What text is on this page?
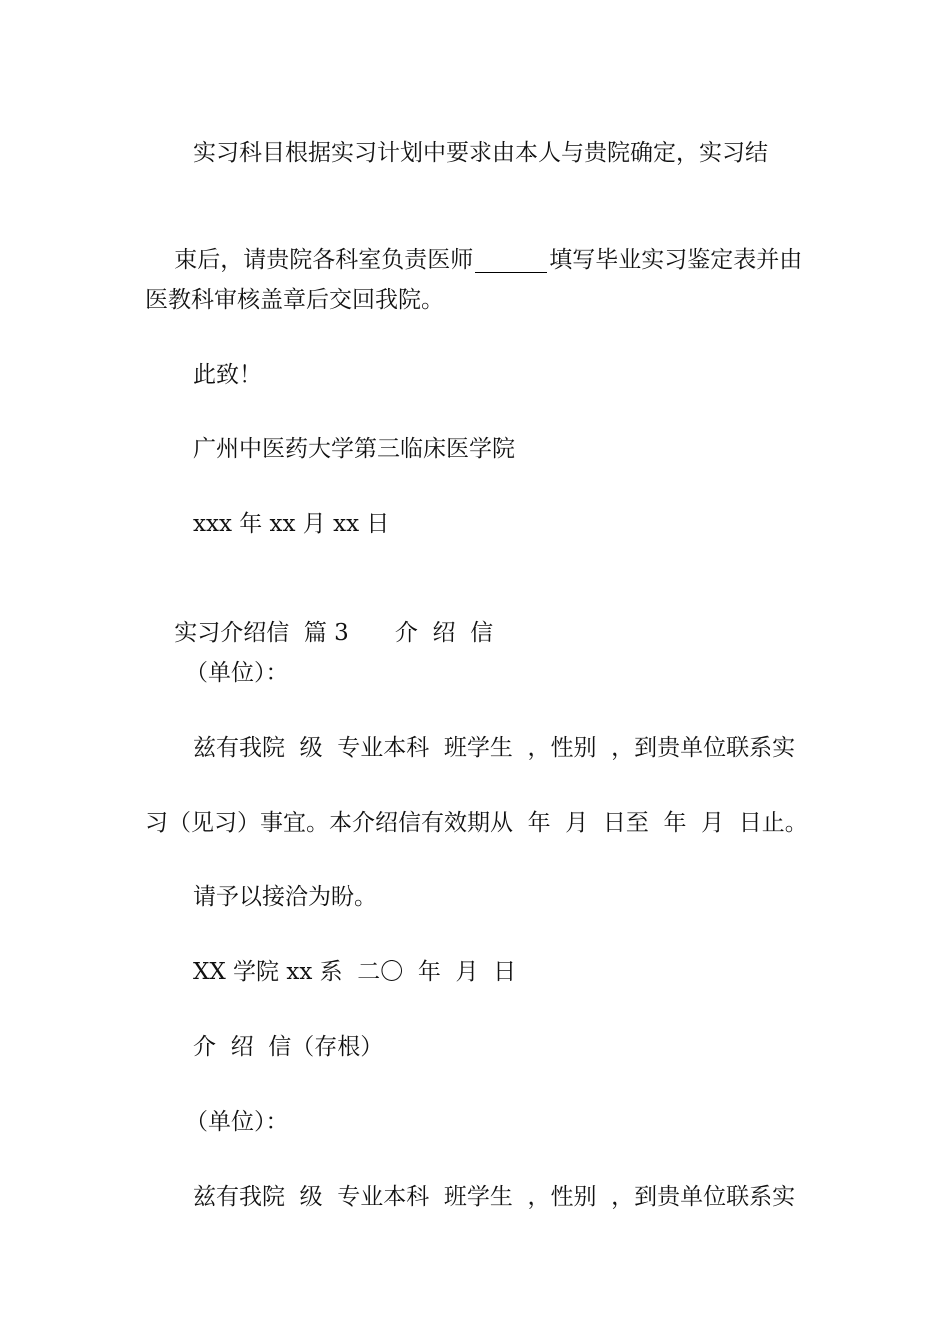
实习科目根据实习计划中要求由本人与贵院确定，实习结

束后，请贵院各科室负责医师	填写毕业实习鉴定表并由

医教科审核盖章后交回我院。
此致！
广州中医药大学第三临床医学院
xxx 年 xx 月 xx 日

实习介绍信  篇 3 介  绍  信

（单位）：
兹有我院  级  专业本科  班学生  ，性别  ，到贵单位联系实
习（见习）事宜。本介绍信有效期从  年  月  日至  年  月  日止。
请予以接洽为盼。
XX 学院 xx 系  二〇  年  月  日
介  绍  信（存根）
（单位）：
兹有我院  级  专业本科  班学生  ，性别  ，到贵单位联系实
